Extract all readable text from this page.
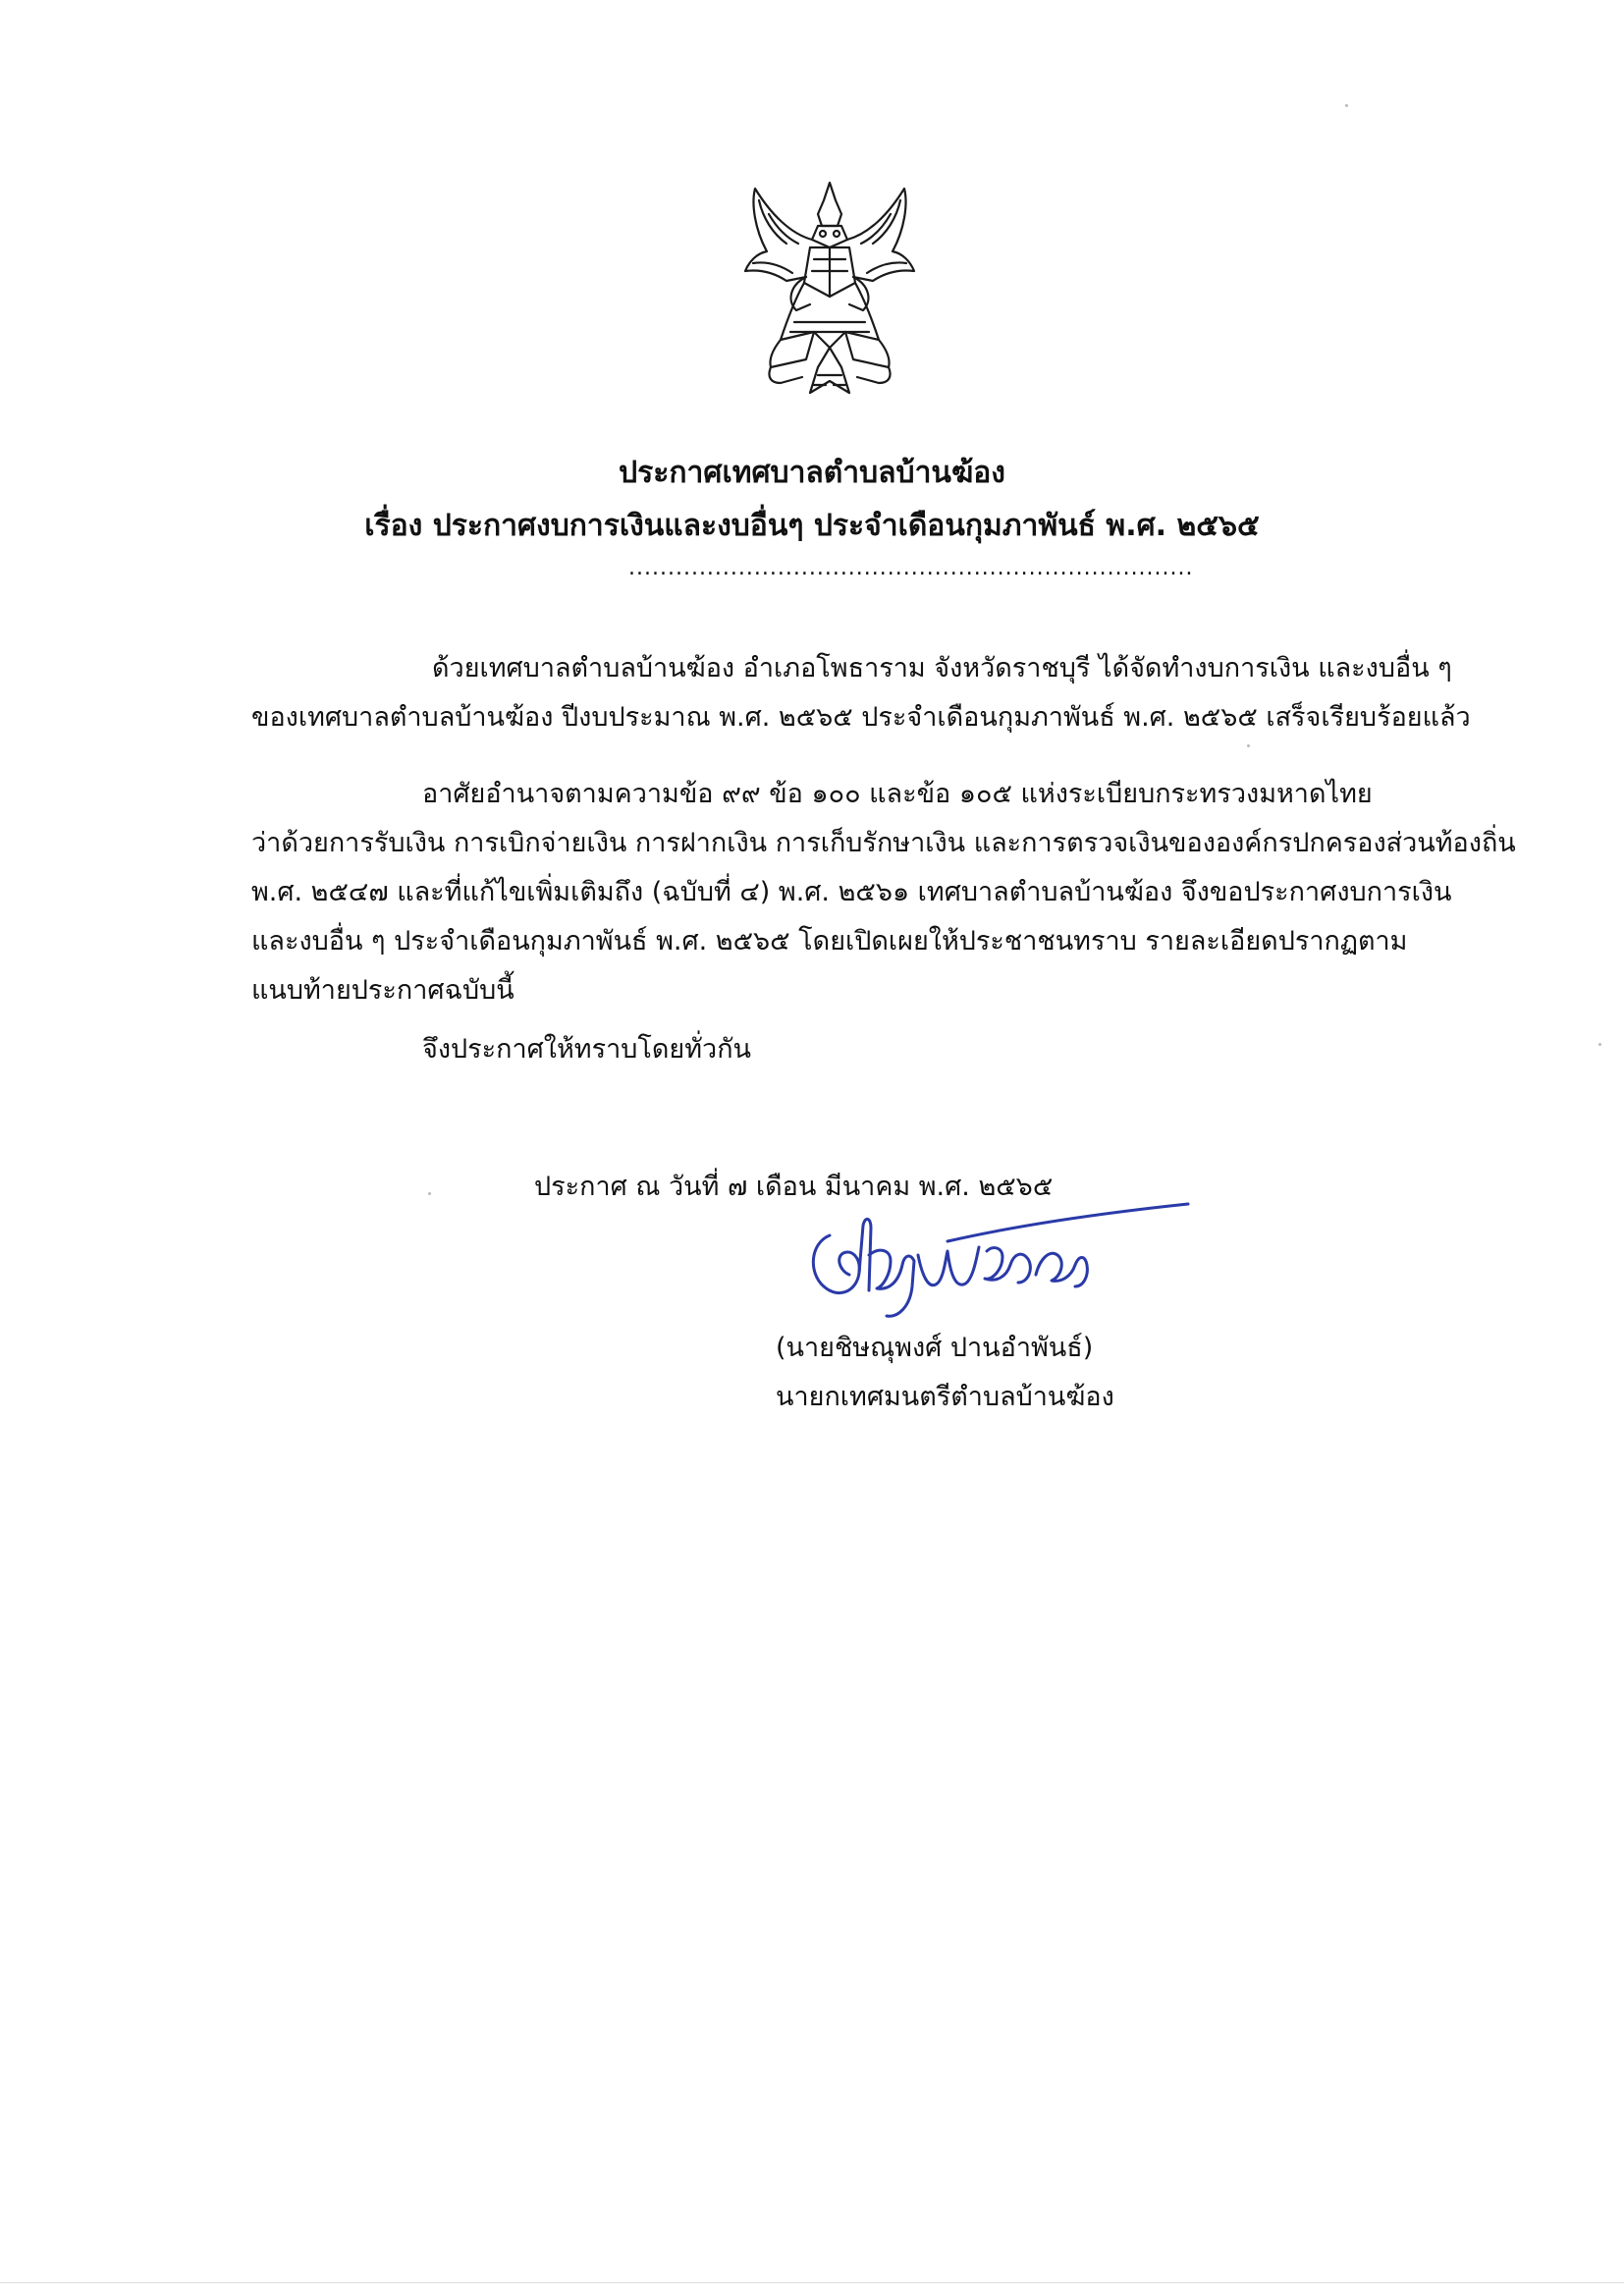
ประกาศเทศบาลตำบลบ้านฆ้อง
เรื่อง ประกาศงบการเงินและงบอื่นๆ ประจำเดือนกุมภาพันธ์ พ.ศ. ๒๕๖๕
........................................................................
ด้วยเทศบาลตำบลบ้านฆ้อง อำเภอโพธาราม จังหวัดราชบุรี ได้จัดทำงบการเงิน และงบอื่น ๆ
ของเทศบาลตำบลบ้านฆ้อง ปีงบประมาณ พ.ศ. ๒๕๖๕ ประจำเดือนกุมภาพันธ์ พ.ศ. ๒๕๖๕ เสร็จเรียบร้อยแล้ว
อาศัยอำนาจตามความข้อ ๙๙ ข้อ ๑๐๐ และข้อ ๑๐๕ แห่งระเบียบกระทรวงมหาดไทย
ว่าด้วยการรับเงิน การเบิกจ่ายเงิน การฝากเงิน การเก็บรักษาเงิน และการตรวจเงินขององค์กรปกครองส่วนท้องถิ่น
พ.ศ. ๒๕๔๗ และที่แก้ไขเพิ่มเติมถึง (ฉบับที่ ๔) พ.ศ. ๒๕๖๑ เทศบาลตำบลบ้านฆ้อง จึงขอประกาศงบการเงิน
และงบอื่น ๆ ประจำเดือนกุมภาพันธ์ พ.ศ. ๒๕๖๕ โดยเปิดเผยให้ประชาชนทราบ รายละเอียดปรากฏตาม
แนบท้ายประกาศฉบับนี้
จึงประกาศให้ทราบโดยทั่วกัน
ประกาศ ณ วันที่ ๗ เดือน มีนาคม พ.ศ. ๒๕๖๕
(นายชิษณุพงศ์ ปานอำพันธ์)
นายกเทศมนตรีตำบลบ้านฆ้อง
